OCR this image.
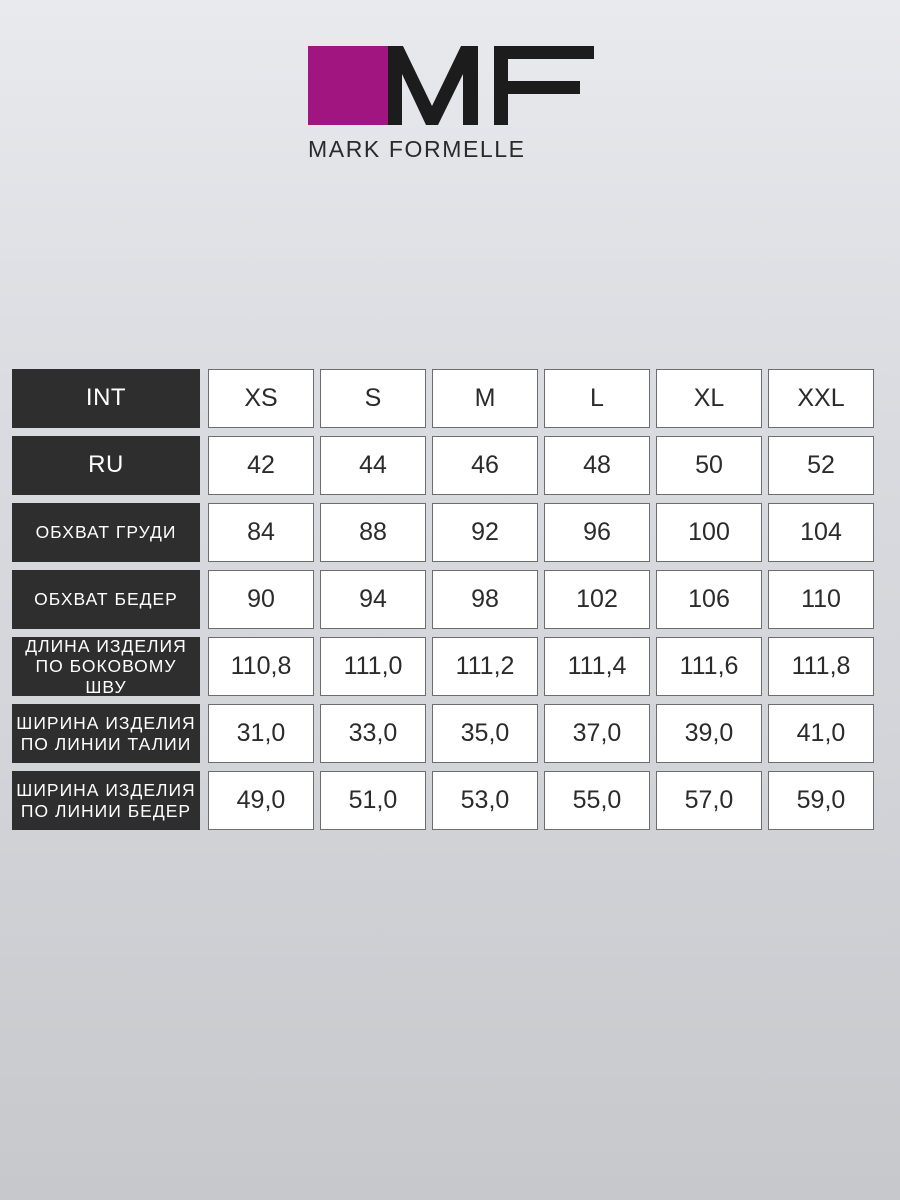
MARK FORMELLE
INT	XS	S	M	L	XL	XXL
RU	42	44	46	48	50	52
ОБХВАТ ГРУДИ	84	88	92	96	100	104
ОБХВАТ БЕДЕР	90	94	98	102	106	110
ДЛИНА ИЗДЕЛИЯ
ПО БОКОВОМУ ШВУ
110,8	111,0	111,2	111,4	111,6	111,8
ШИРИНА ИЗДЕЛИЯ
ПО ЛИНИИ ТАЛИИ	31,0	33,0	35,0	37,0	39,0	41,0
ШИРИНА ИЗДЕЛИЯ
ПО ЛИНИИ БЕДЕР	49,0	51,0	53,0	55,0	57,0	59,0
